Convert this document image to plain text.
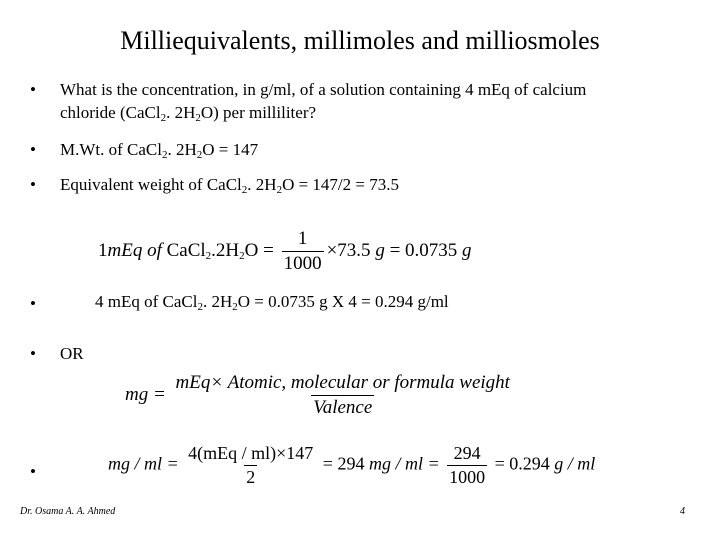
Milliequivalents, millimoles and milliosmoles
• What is the concentration, in g/ml, of a solution containing 4 mEq of calcium
chloride (CaCl$_2$. $2H_2O$) per milliliter?
• M.Wt. of CaCl$_2$. $2H_2O = 147$
• Equivalent weight of CaCl$_2$. $2H_2O = 147/2 = 73.5$
1mEq of $CaCl_2.2H_2O = \frac{1}{1000} \times 73.5$ g = 0.0735 g
•	4 mEq of CaCl$_2$. $2H_2O = 0.0735$ g X 4 = 0.294 g/ml
• OR
mg = $\frac{\text{mEq× Atomic, molecular or formula weight}}{\text{Valence}}$
•	mg / ml = $\frac{\text{4(mEq / ml)×147}}{2} = 294$ mg / ml = $\frac{294}{1000} = 0.294$ g / ml
Dr. Osama A. A. Ahmed	4
